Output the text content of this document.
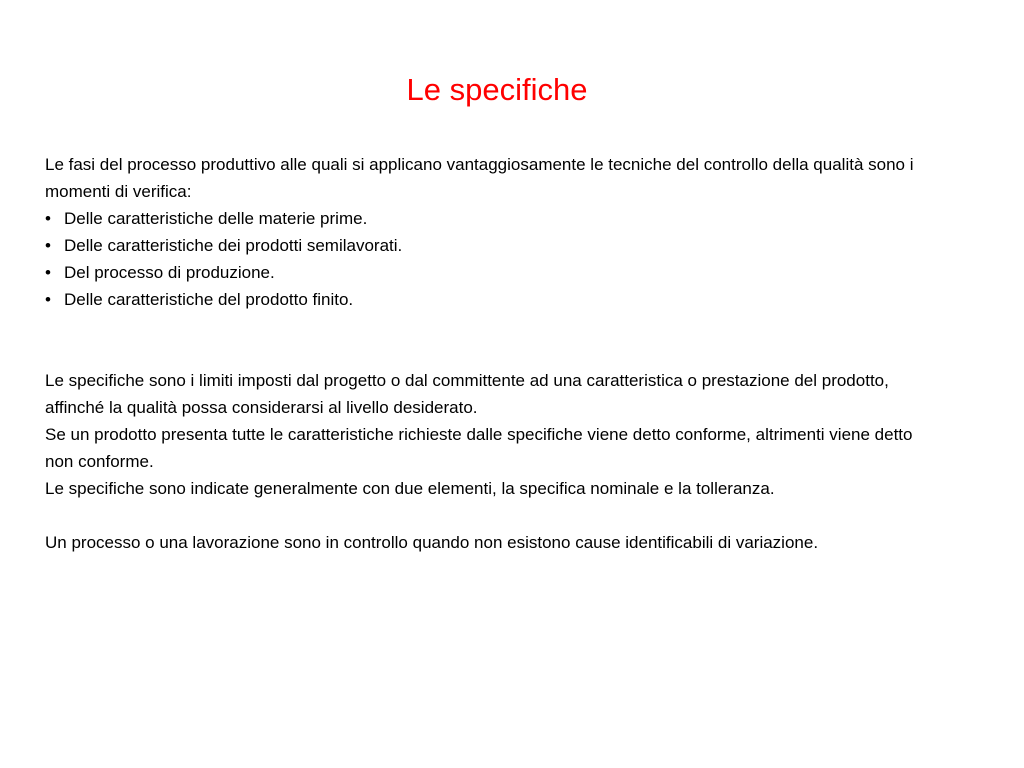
Le specifiche

Le fasi del processo produttivo alle quali si applicano vantaggiosamente le tecniche del controllo della qualità sono i momenti di verifica:

• Delle caratteristiche delle materie prime.
• Delle caratteristiche dei prodotti semilavorati.
• Del processo di produzione.
• Delle caratteristiche del prodotto finito.

Le specifiche sono i limiti imposti dal progetto o dal committente ad una caratteristica o prestazione del prodotto, affinché la qualità possa considerarsi al livello desiderato.

Se un prodotto presenta tutte le caratteristiche richieste dalle specifiche viene detto conforme, altrimenti viene detto non conforme.

Le specifiche sono indicate generalmente con due elementi, la specifica nominale e la tolleranza.

Un processo o una lavorazione sono in controllo quando non esistono cause identificabili di variazione.
